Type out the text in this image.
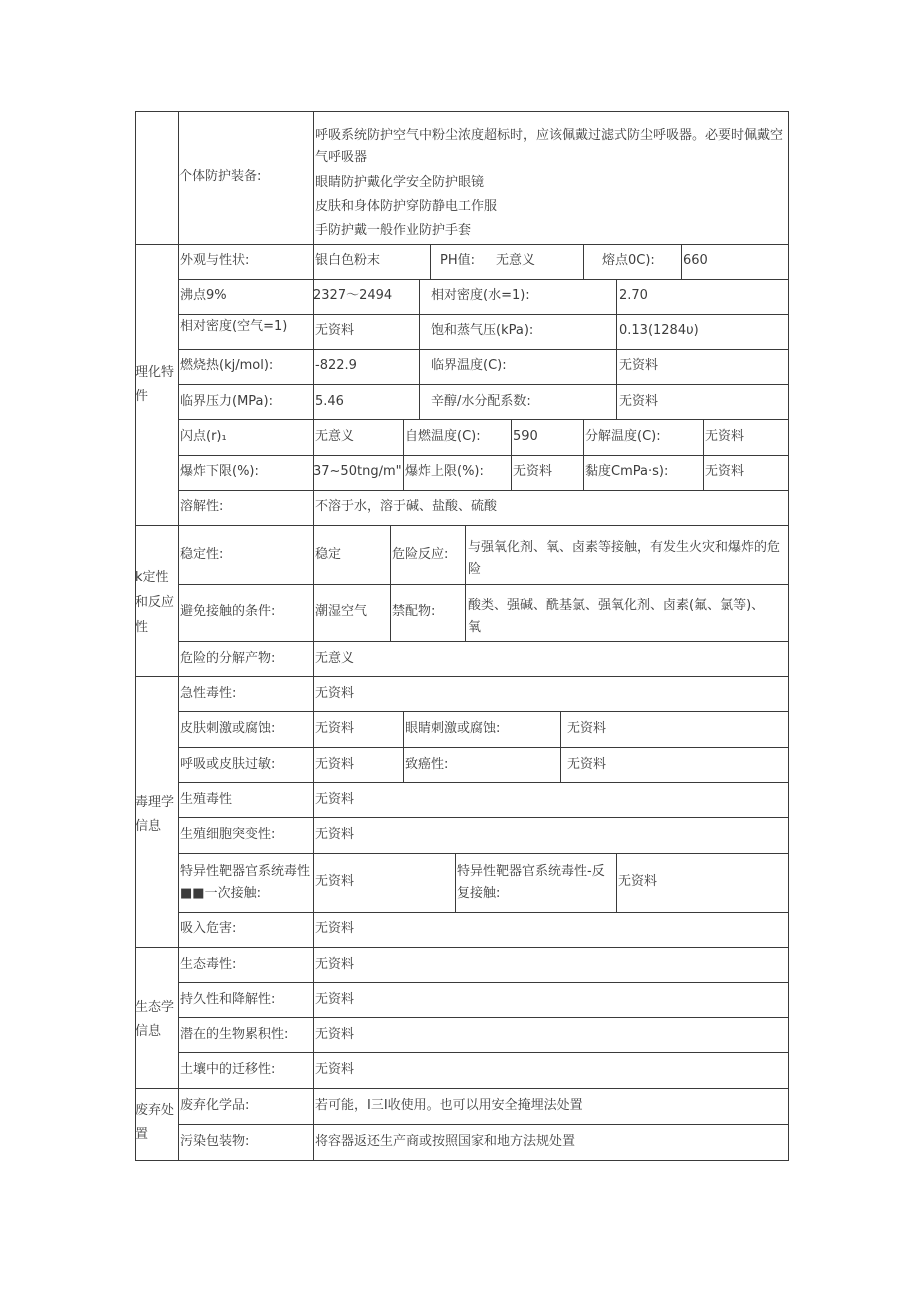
个体防护装备:
呼吸系统防护空气中粉尘浓度超标时，应该佩戴过滤式防尘呼吸器。必要时佩戴空气呼吸器
眼睛防护戴化学安全防护眼镜
皮肤和身体防护穿防静电工作服
手防护戴一般作业防护手套
理化特件
外观与性状:	银白色粉末	PH值: 无意义	熔点0C): 660
沸点9%	2327～2494	相对密度(水=1):	2.70
相对密度(空气=1) 无资料	饱和蒸气压(kPa):	0.13(1284υ)
燃烧热(kj/mol):	-822.9	临界温度(C):	无资料
临界压力(MPa):	5.46	辛醇/水分配系数:	无资料
闪点(r)₁	无意义	自燃温度(C): 590	分解温度(C):	无资料
爆炸下限(%):	37~50tng∕m" 爆炸上限(%): 无资料	黏度CmPa·s):	无资料
溶解性:	不溶于水，溶于碱、盐酸、硫酸
k定性
和反应
性
稳定性:	稳定	危险反应: 与强氧化剂、氧、卤素等接触，有发生火灾和爆炸的危险
避免接触的条件:	潮湿空气 禁配物:	酸类、强碱、酰基氯、强氧化剂、卤素(氟、氯等)、氧
危险的分解产物:	无意义
毒理学信息
急性毒性:	无资料
皮肤刺激或腐蚀:	无资料	眼睛刺激或腐蚀:	无资料
呼吸或皮肤过敏:	无资料	致癌性:	无资料
生殖毒性	无资料
生殖细胞突变性:	无资料
特异性靶器官系统毒性■■一次接触:
无资料
特异性靶器官系统毒性-反复接触:
无资料
吸入危害:	无资料
生态学信息
生态毒性:	无资料
持久性和降解性:	无资料
潜在的生物累积性: 无资料
土壤中的迁移性:	无资料
废弃处置
废弃化学品:	若可能，I三I收使用。也可以用安全掩埋法处置
污染包装物:	将容器返还生产商或按照国家和地方法规处置
